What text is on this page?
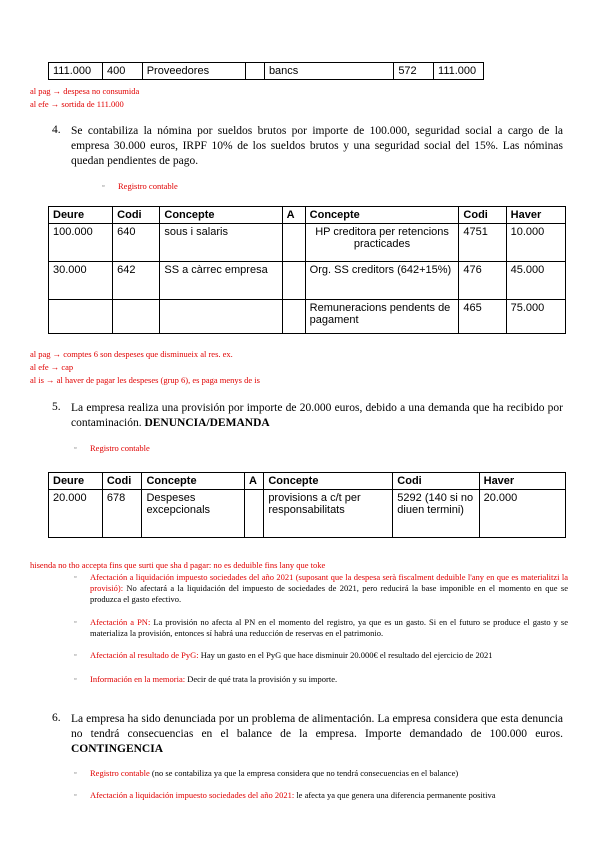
111.000	400	Proveedores		bancs	572	111.000
al pag → despesa no consumida
al efe → sortida de 111.000
4. Se contabiliza la nómina por sueldos brutos por importe de 100.000, seguridad social a cargo de la empresa 30.000 euros, IRPF 10% de los sueldos brutos y una seguridad social del 15%. Las nóminas quedan pendientes de pago.
▫ Registro contable
Deure	Codi	Concepte	A	Concepte	Codi	Haver
100.000	640	sous i salaris		HP creditora per retencions practicades	4751	10.000
30.000	642	SS a càrrec empresa		Org. SS creditors (642+15%)	476	45.000
				Remuneracions pendents de pagament	465	75.000
al pag → comptes 6 son despeses que disminueix al res. ex.
al efe → cap
al is → al haver de pagar les despeses (grup 6), es paga menys de is
5. La empresa realiza una provisión por importe de 20.000 euros, debido a una demanda que ha recibido por contaminación. DENUNCIA/DEMANDA
▫ Registro contable
Deure	Codi	Concepte	A	Concepte	Codi	Haver
20.000	678	Despeses excepcionals		provisions a c/t per responsabilitats	5292 (140 si no diuen termini)	20.000
hisenda no tho accepta fins que surti que sha d pagar: no es deduible fins lany que toke
▫ Afectación a liquidación impuesto sociedades del año 2021 (suposant que la despesa serà fiscalment deduible l'any en que es materialitzi la provisió): No afectará a la liquidación del impuesto de sociedades de 2021, pero reducirá la base imponible en el momento en que se produzca el gasto efectivo.
▫ Afectación a PN: La provisión no afecta al PN en el momento del registro, ya que es un gasto. Si en el futuro se produce el gasto y se materializa la provisión, entonces sí habrá una reducción de reservas en el patrimonio.
▫ Afectación al resultado de PyG: Hay un gasto en el PyG que hace disminuir 20.000€ el resultado del ejercicio de 2021
▫ Información en la memoria: Decir de qué trata la provisión y su importe.
6. La empresa ha sido denunciada por un problema de alimentación. La empresa considera que esta denuncia no tendrá consecuencias en el balance de la empresa. Importe demandado de 100.000 euros. CONTINGENCIA
▫ Registro contable (no se contabiliza ya que la empresa considera que no tendrá consecuencias en el balance)
▫ Afectación a liquidación impuesto sociedades del año 2021: le afecta ya que genera una diferencia permanente positiva
